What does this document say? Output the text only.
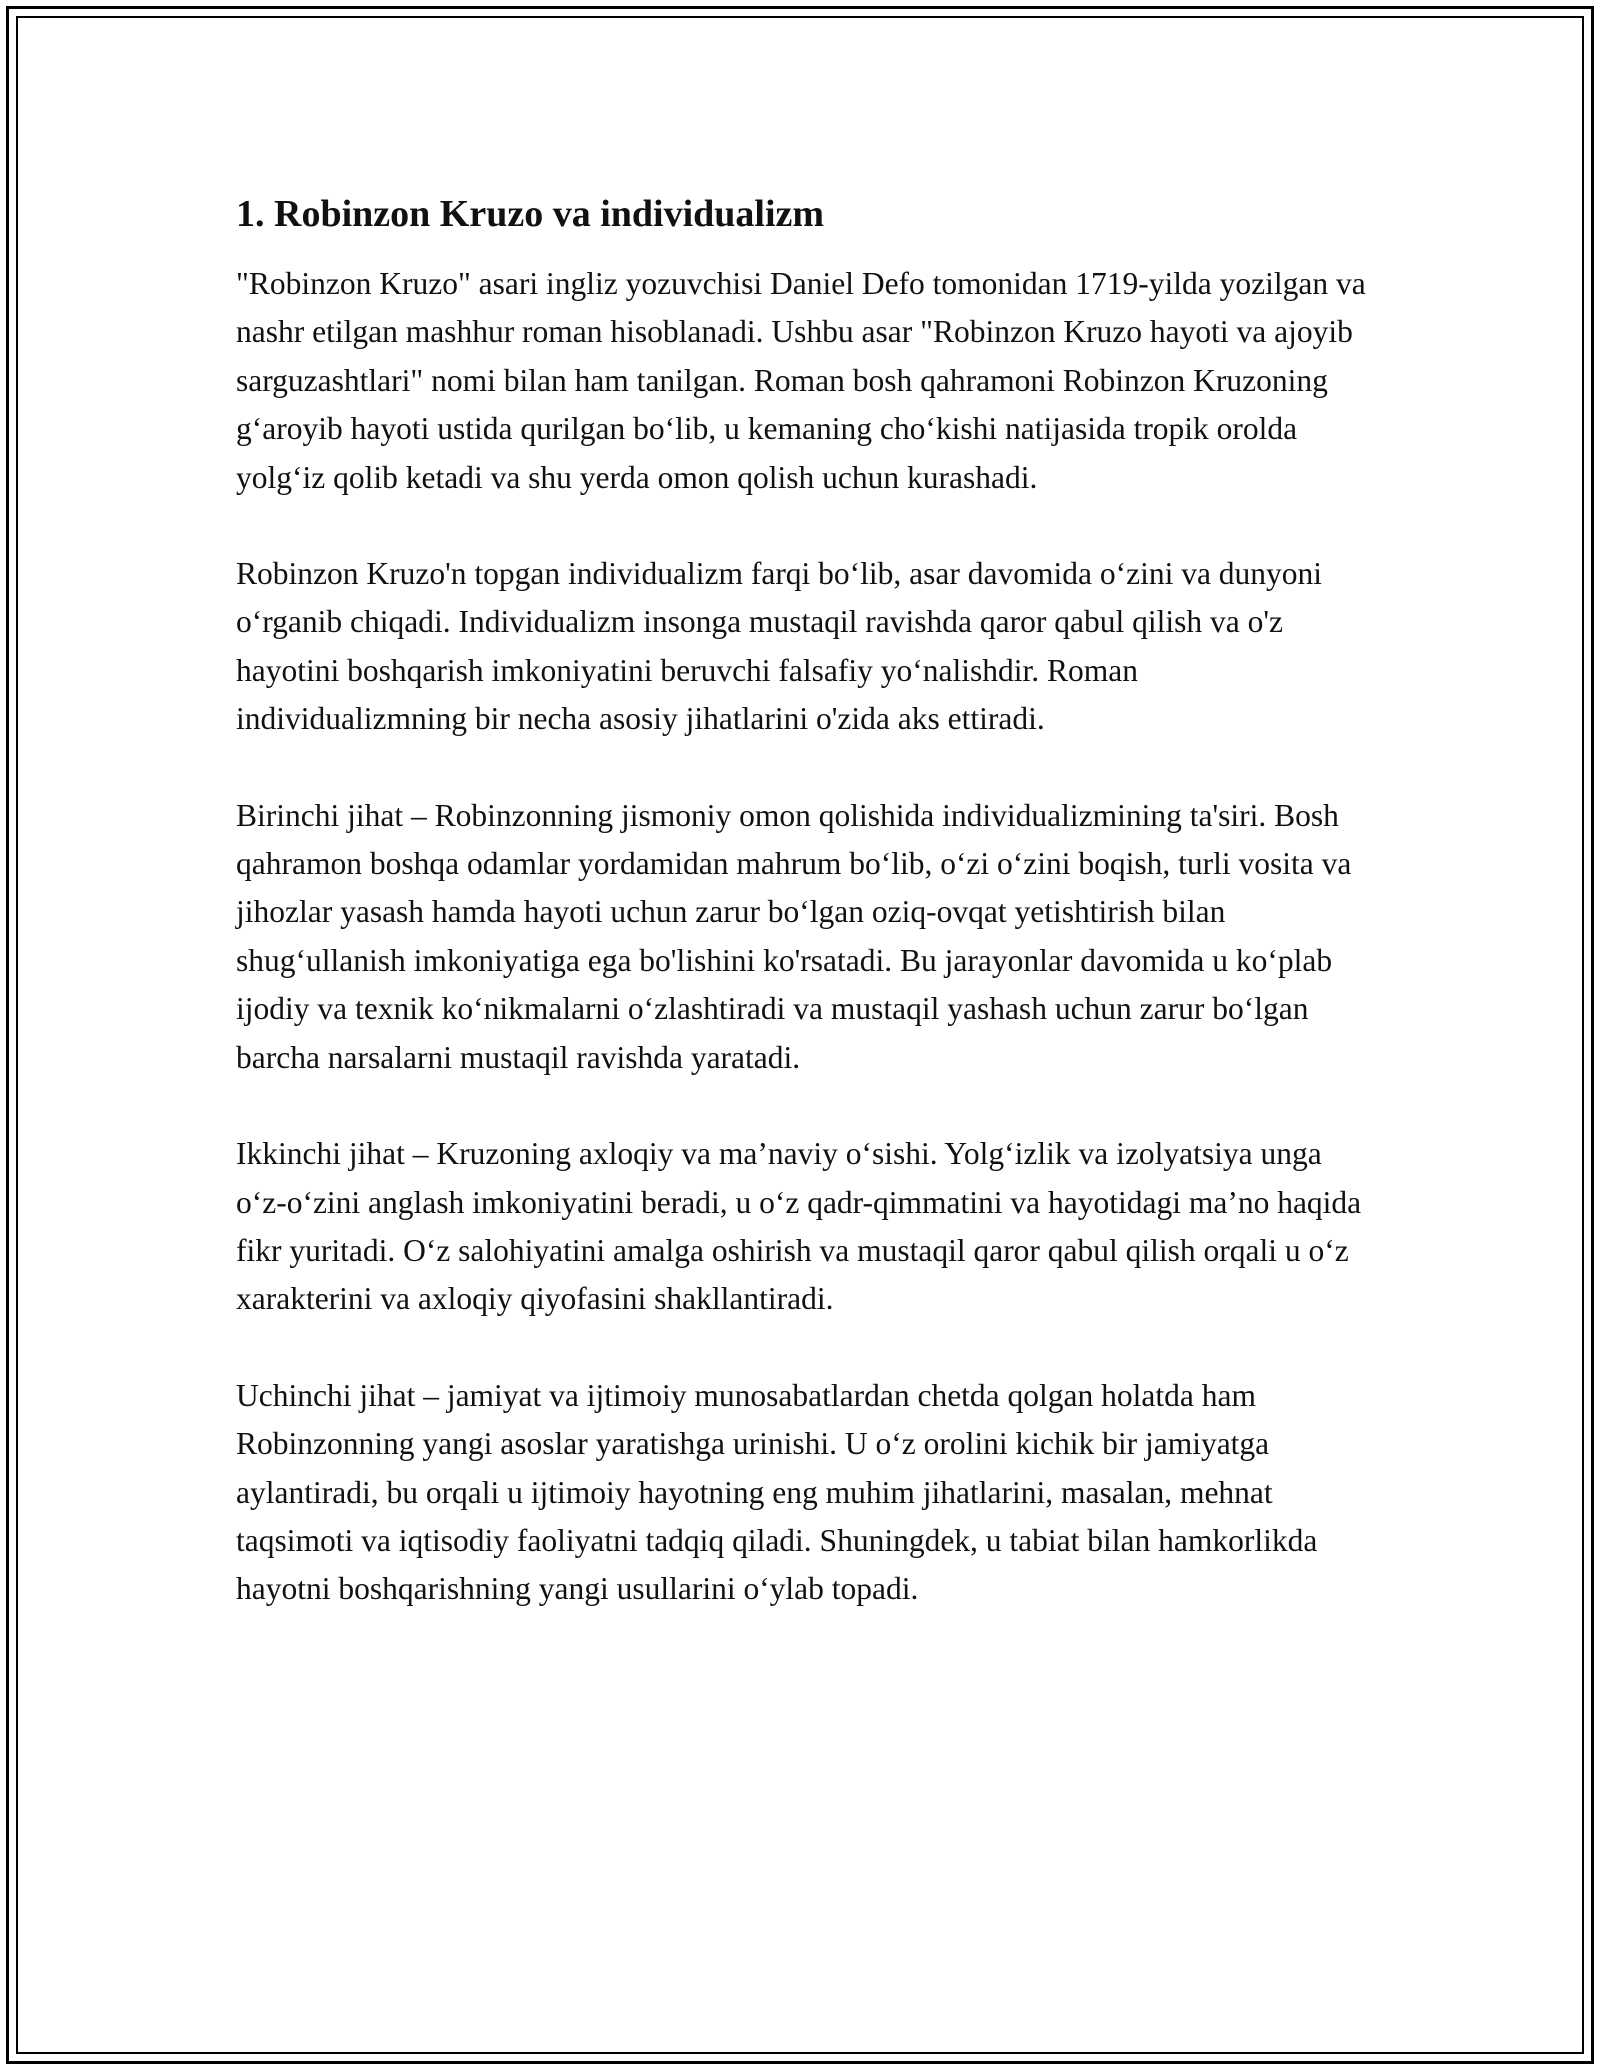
1. Robinzon Kruzo va individualizm

"Robinzon Kruzo" asari ingliz yozuvchisi Daniel Defo tomonidan 1719-yilda yozilgan va nashr etilgan mashhur roman hisoblanadi. Ushbu asar "Robinzon Kruzo hayoti va ajoyib sarguzashtlari" nomi bilan ham tanilgan. Roman bosh qahramoni Robinzon Kruzoning g‘aroyib hayoti ustida qurilgan bo‘lib, u kemaning cho‘kishi natijasida tropik orolda yolg‘iz qolib ketadi va shu yerda omon qolish uchun kurashadi.

Robinzon Kruzo'n topgan individualizm farqi bo‘lib, asar davomida o‘zini va dunyoni o‘rganib chiqadi. Individualizm insonga mustaqil ravishda qaror qabul qilish va o'z hayotini boshqarish imkoniyatini beruvchi falsafiy yo‘nalishdir. Roman individualizmning bir necha asosiy jihatlarini o'zida aks ettiradi.

Birinchi jihat – Robinzonning jismoniy omon qolishida individualizmining ta'siri. Bosh qahramon boshqa odamlar yordamidan mahrum bo‘lib, o‘zi o‘zini boqish, turli vosita va jihozlar yasash hamda hayoti uchun zarur bo‘lgan oziq-ovqat yetishtirish bilan shug‘ullanish imkoniyatiga ega bo'lishini ko'rsatadi. Bu jarayonlar davomida u ko‘plab ijodiy va texnik ko‘nikmalarni o‘zlashtiradi va mustaqil yashash uchun zarur bo‘lgan barcha narsalarni mustaqil ravishda yaratadi.

Ikkinchi jihat – Kruzoning axloqiy va ma’naviy o‘sishi. Yolg‘izlik va izolyatsiya unga o‘z-o‘zini anglash imkoniyatini beradi, u o‘z qadr-qimmatini va hayotidagi ma’no haqida fikr yuritadi. O‘z salohiyatini amalga oshirish va mustaqil qaror qabul qilish orqali u o‘z xarakterini va axloqiy qiyofasini shakllantiradi.

Uchinchi jihat – jamiyat va ijtimoiy munosabatlardan chetda qolgan holatda ham Robinzonning yangi asoslar yaratishga urinishi. U o‘z orolini kichik bir jamiyatga aylantiradi, bu orqali u ijtimoiy hayotning eng muhim jihatlarini, masalan, mehnat taqsimoti va iqtisodiy faoliyatni tadqiq qiladi. Shuningdek, u tabiat bilan hamkorlikda hayotni boshqarishning yangi usullarini o‘ylab topadi.
